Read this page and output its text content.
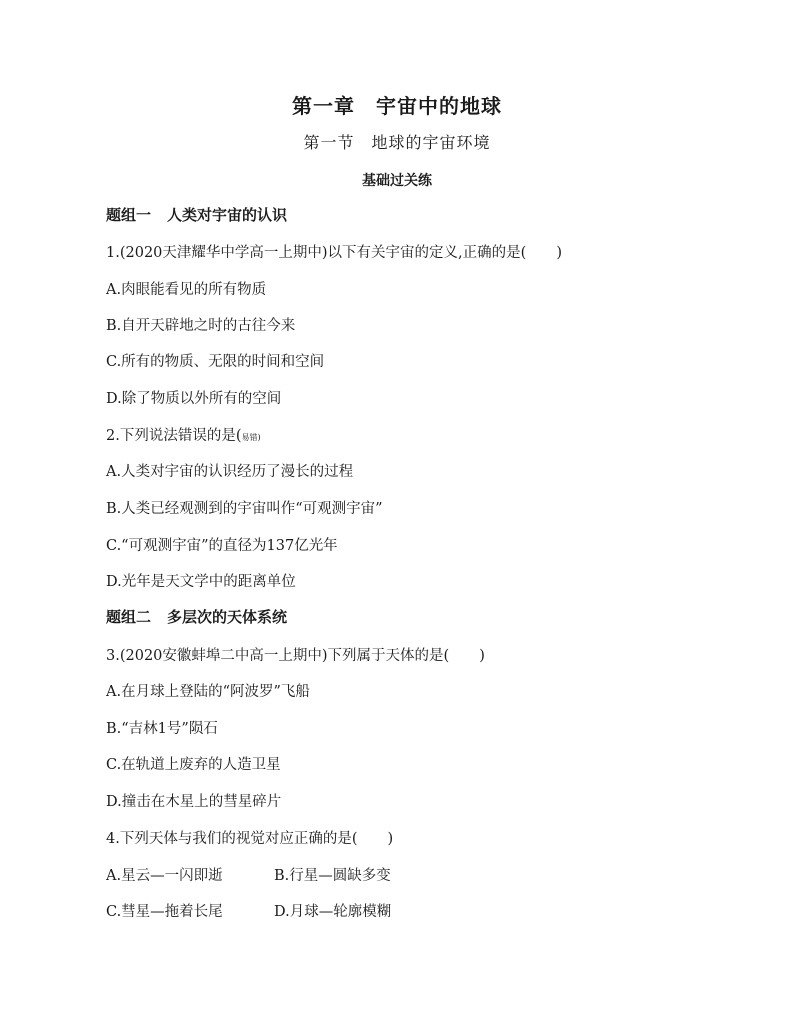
第一章　宇宙中的地球
第一节　地球的宇宙环境
基础过关练
题组一 人类对宇宙的认识
1.(2020天津耀华中学高一上期中)以下有关宇宙的定义,正确的是( )
A.肉眼能看见的所有物质
B.自开天辟地之时的古往今来
C.所有的物质、无限的时间和空间
D.除了物质以外所有的空间
2.下列说法错误的是(易错)
A.人类对宇宙的认识经历了漫长的过程
B.人类已经观测到的宇宙叫作“可观测宇宙”
C.“可观测宇宙”的直径为137亿光年
D.光年是天文学中的距离单位
题组二 多层次的天体系统
3.(2020安徽蚌埠二中高一上期中)下列属于天体的是( )
A.在月球上登陆的“阿波罗”飞船
B.“吉林1号”陨石
C.在轨道上废弃的人造卫星
D.撞击在木星上的彗星碎片
4.下列天体与我们的视觉对应正确的是( )
A.星云—一闪即逝	B.行星—圆缺多变
C.彗星—拖着长尾	D.月球—轮廓模糊
